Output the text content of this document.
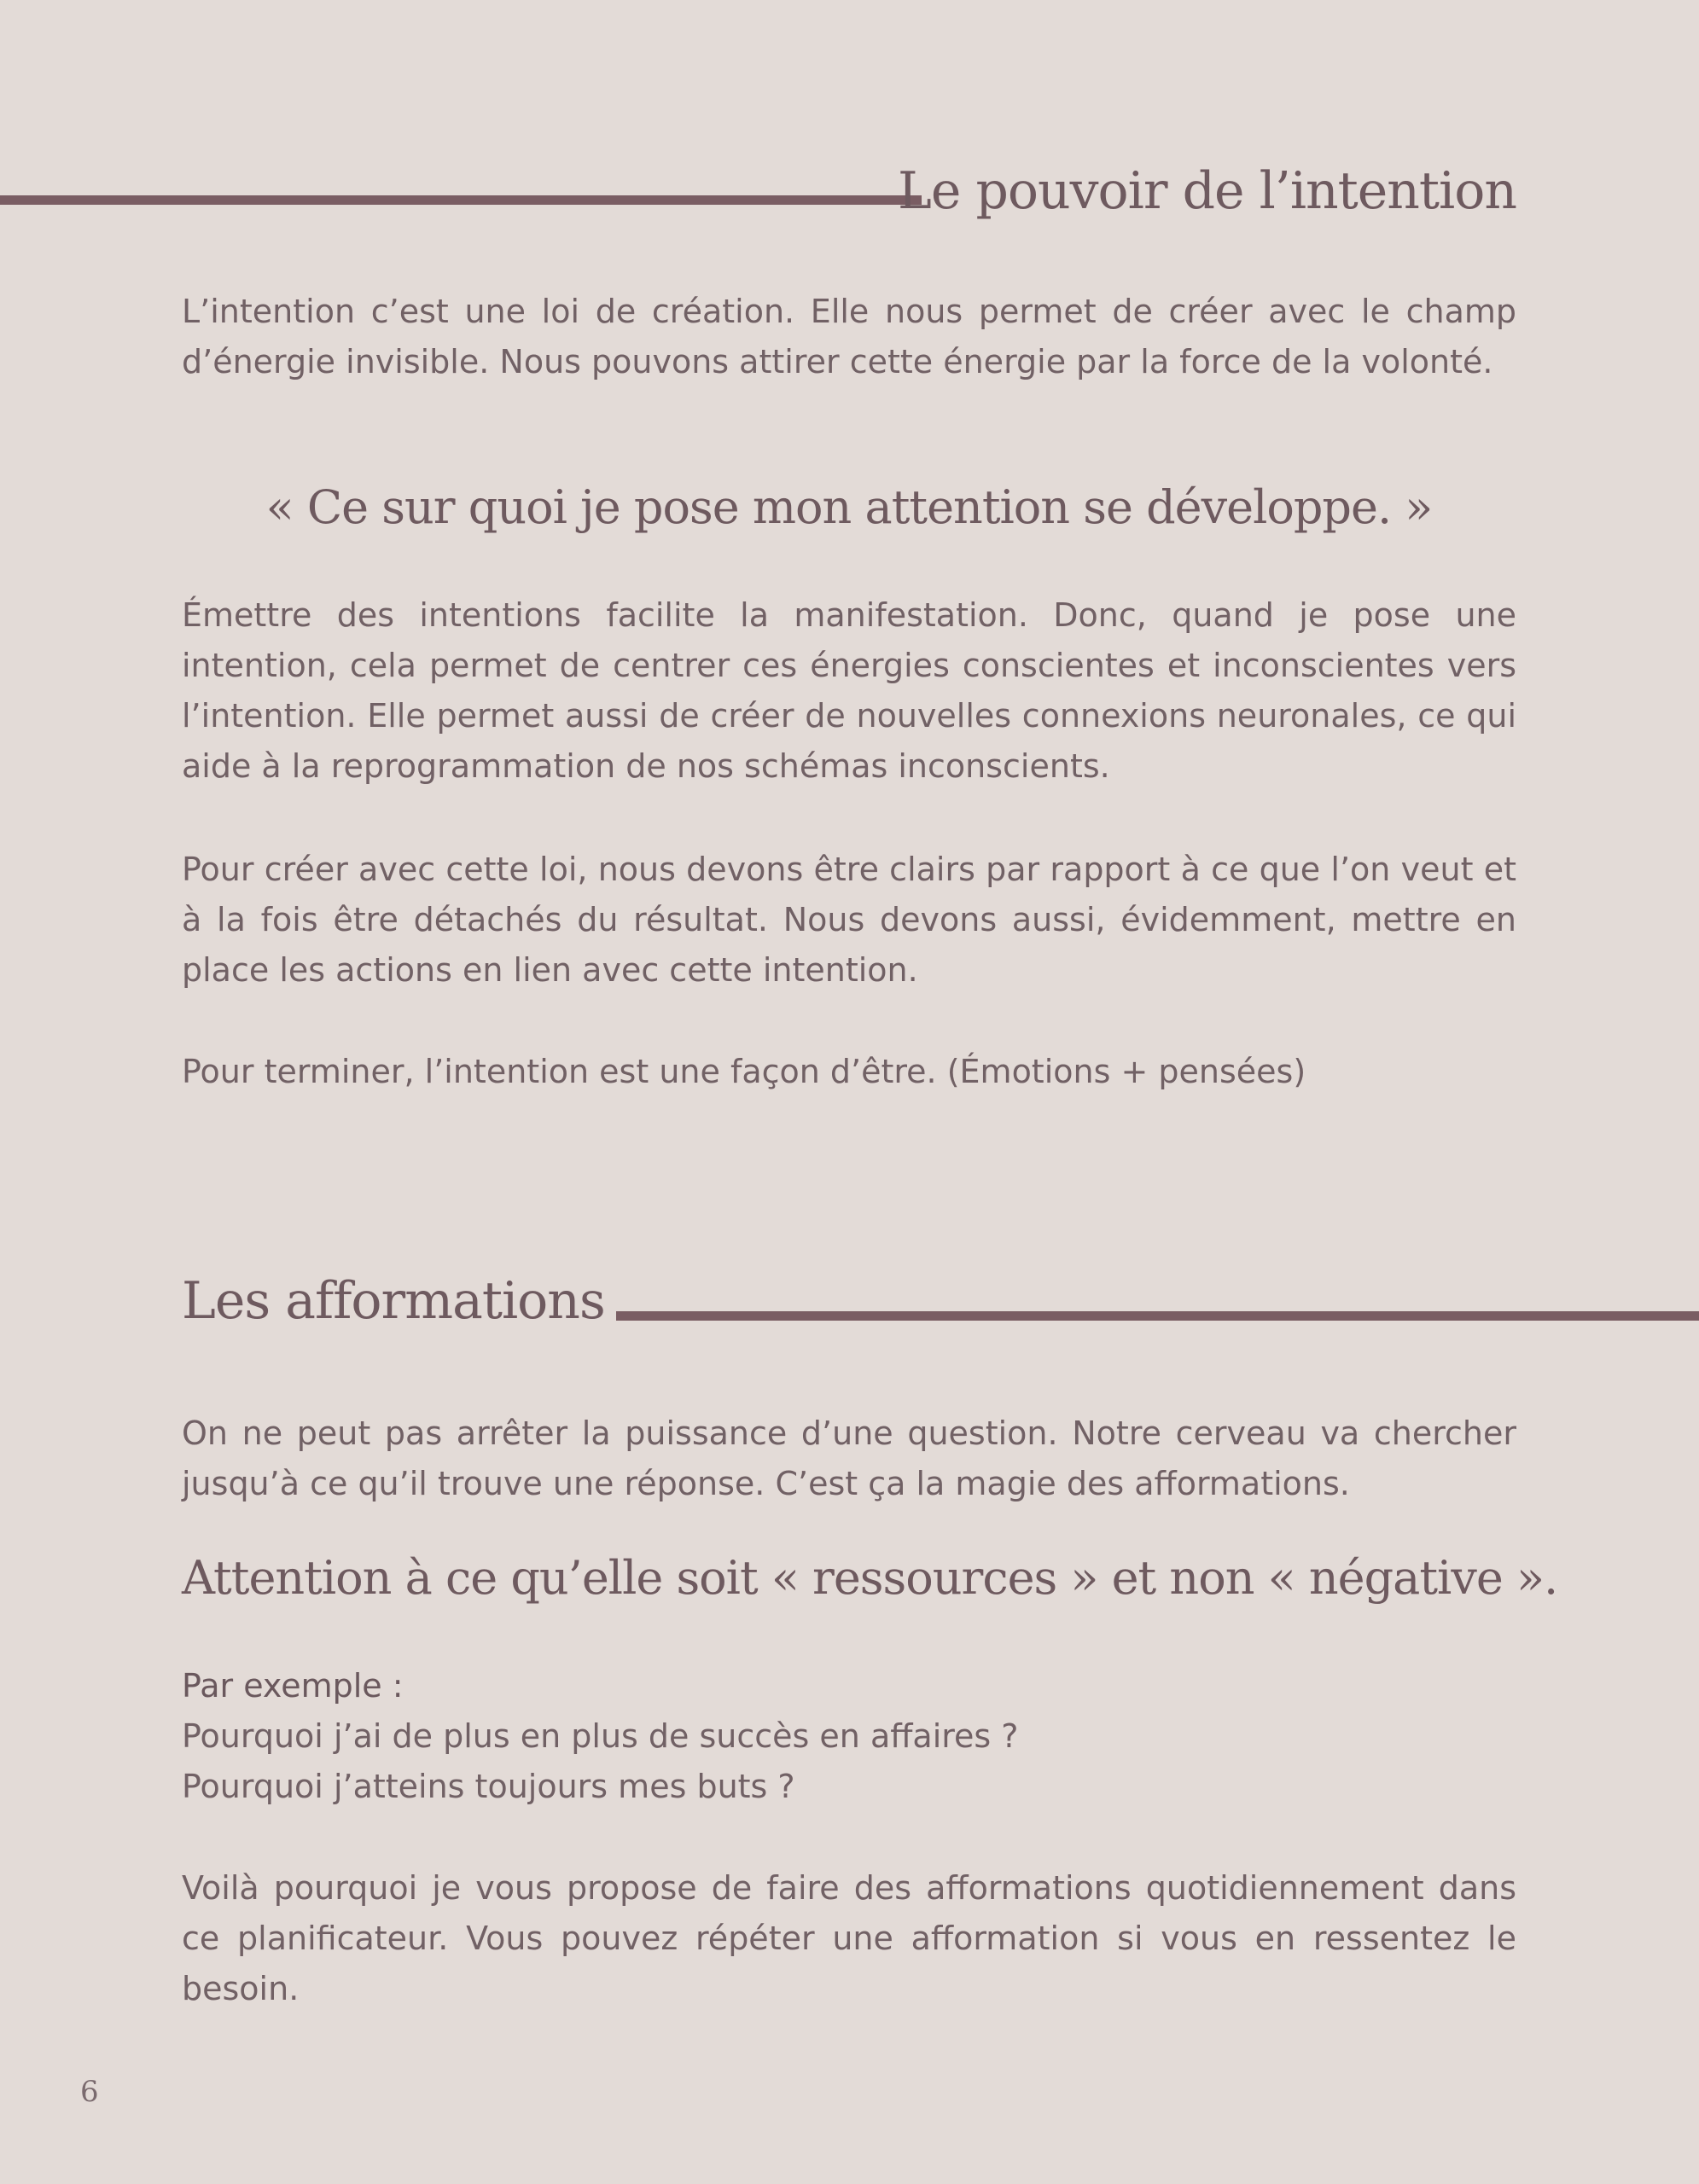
Le pouvoir de l’intention

L’intention c’est une loi de création. Elle nous permet de créer avec le champ d’énergie invisible. Nous pouvons attirer cette énergie par la force de la volonté.

« Ce sur quoi je pose mon attention se développe. »

Émettre des intentions facilite la manifestation. Donc, quand je pose une intention, cela permet de centrer ces énergies conscientes et inconscientes vers l’intention. Elle permet aussi de créer de nouvelles connexions neuronales, ce qui aide à la reprogrammation de nos schémas inconscients.

Pour créer avec cette loi, nous devons être clairs par rapport à ce que l’on veut et à la fois être détachés du résultat. Nous devons aussi, évidemment, mettre en place les actions en lien avec cette intention.

Pour terminer, l’intention est une façon d’être. (Émotions + pensées)

Les afformations

On ne peut pas arrêter la puissance d’une question. Notre cerveau va chercher jusqu’à ce qu’il trouve une réponse. C’est ça la magie des afformations.

Attention à ce qu’elle soit « ressources » et non « négative ».

Par exemple :
Pourquoi j’ai de plus en plus de succès en affaires ?
Pourquoi j’atteins toujours mes buts ?

Voilà pourquoi je vous propose de faire des afformations quotidiennement dans ce planificateur. Vous pouvez répéter une afformation si vous en ressentez le besoin.

6
